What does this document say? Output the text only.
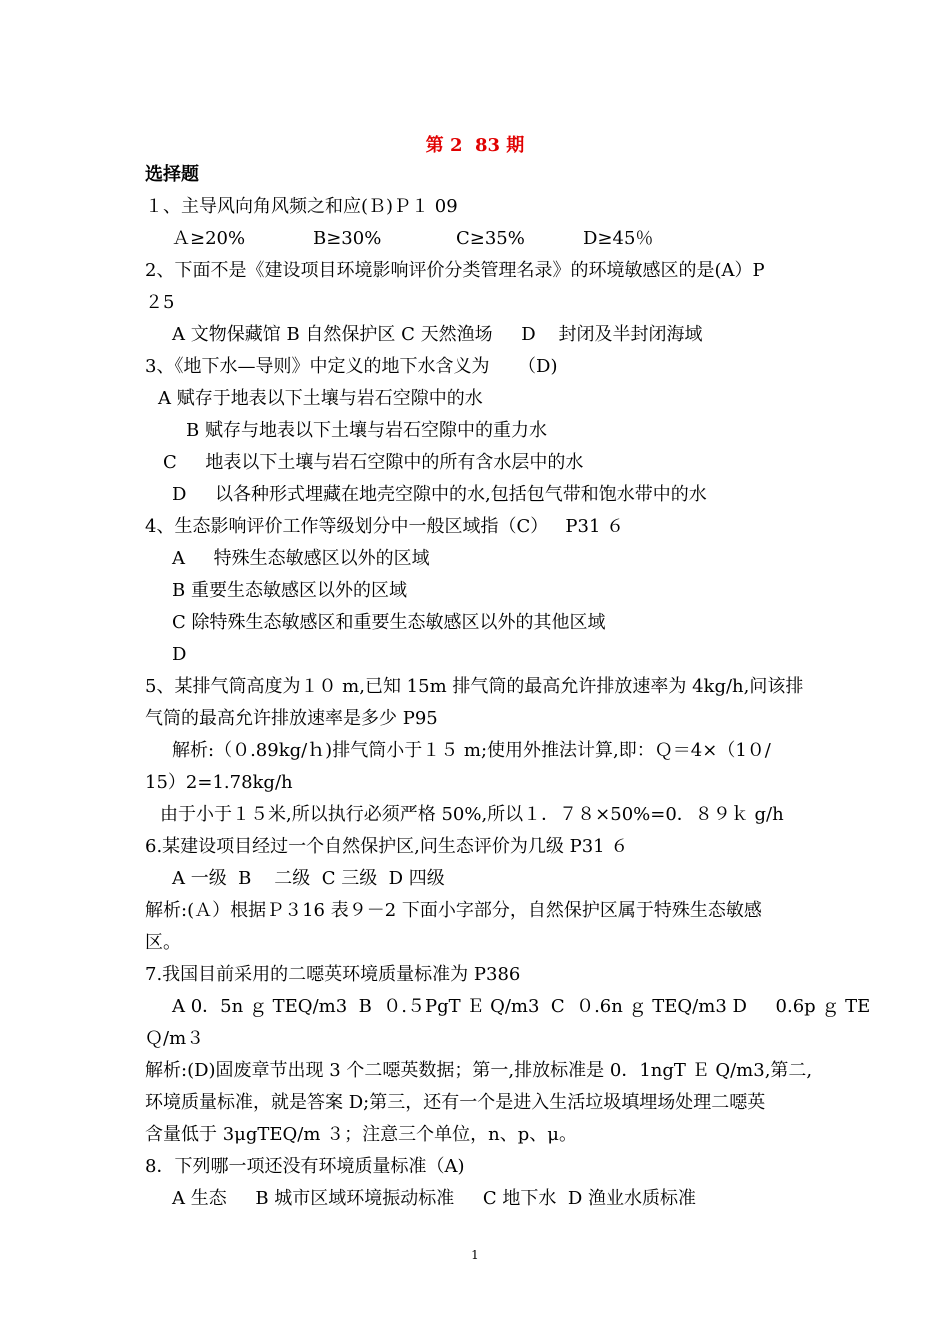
第 2  83 期
选择题
１、主导风向角风频之和应(Ｂ)Ｐ１ 09
Ａ≥20%	B≥30%	C≥35%	D≥45％
2、下面不是《建设项目环境影响评价分类管理名录》的环境敏感区的是(A）P
２5
A 文物保藏馆 B 自然保护区 C 天然渔场     D    封闭及半封闭海域
3、《地下水—导则》中定义的地下水含义为     （D)
A 赋存于地表以下土壤与岩石空隙中的水
B 赋存与地表以下土壤与岩石空隙中的重力水
C     地表以下土壤与岩石空隙中的所有含水层中的水
D     以各种形式埋藏在地壳空隙中的水,包括包气带和饱水带中的水
4、生态影响评价工作等级划分中一般区域指（C）   P31 ６
A     特殊生态敏感区以外的区域
B 重要生态敏感区以外的区域
C 除特殊生态敏感区和重要生态敏感区以外的其他区域
D
5、某排气筒高度为１０ m,已知 15m 排气筒的最高允许排放速率为 4kg/h,问该排
气筒的最高允许排放速率是多少 P95
解析:（０.89kg/ｈ)排气筒小于１５ m;使用外推法计算,即：Ｑ＝4×（1０/
15）2=1.78kg/h
由于小于１５米,所以执行必须严格 50%,所以１．７８×50%=0．８９ｋ g/h
6.某建设项目经过一个自然保护区,问生态评价为几级 P31 ６
A 一级  B    二级  C 三级  D 四级
解析:(Ａ）根据Ｐ３16 表９－2 下面小字部分，自然保护区属于特殊生态敏感
区。
7.我国目前采用的二噁英环境质量标准为 P386
A 0．5n ｇ TEQ/m3  B  ０.５PgT Ｅ Q/m3  C  ０.6n ｇ TEQ/m3 D     0.6p ｇ TE
Ｑ/m３
解析:(D)固废章节出现 3 个二噁英数据；第一,排放标准是 0．1ngT Ｅ Q/m3,第二,
环境质量标准，就是答案 D;第三，还有一个是进入生活垃圾填埋场处理二噁英
含量低于 3μgTEQ/m ３；注意三个单位，n、p、μ。
8．下列哪一项还没有环境质量标准（A)
A 生态     B 城市区域环境振动标准     C 地下水  D 渔业水质标准
1
